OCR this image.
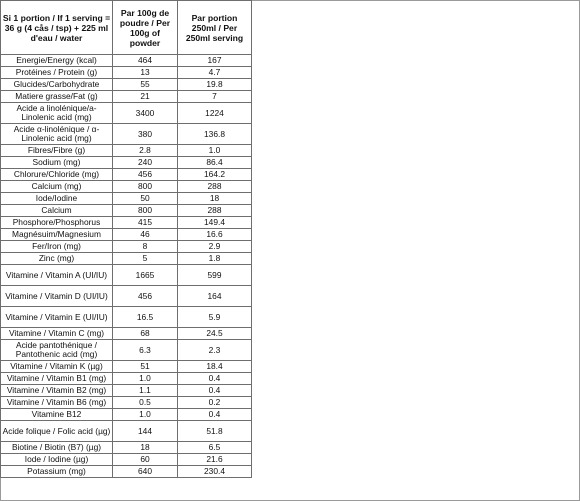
Si 1 portion / If 1 serving = 36 g (4 cås / tsp) + 225 ml d'eau / water	Par 100g de poudre / Per 100g of powder	Par portion 250ml / Per 250ml serving
Energie/Energy (kcal)	464	167
Protéines / Protein (g)	13	4.7
Glucides/Carbohydrate	55	19.8
Matiere grasse/Fat (g)	21	7
Acide a linolénique/a-Linolenic acid (mg)	3400	1224
Acide α-linolénique / α-Linolenic acid (mg)	380	136.8
Fibres/Fibre (g)	2.8	1.0
Sodium (mg)	240	86.4
Chlorure/Chloride (mg)	456	164.2
Calcium (mg)	800	288
Iode/Iodine	50	18
Calcium	800	288
Phosphore/Phosphorus	415	149.4
Magnésuim/Magnesium	46	16.6
Fer/Iron (mg)	8	2.9
Zinc (mg)	5	1.8
Vitamine / Vitamin A (UI/IU)	1665	599
Vitamine / Vitamin D (UI/IU)	456	164
Vitamine / Vitamin E (UI/IU)	16.5	5.9
Vitamine / Vitamin C (mg)	68	24.5
Acide pantothénique / Pantothenic acid (mg)	6.3	2.3
Vitamine / Vitamin K (µg)	51	18.4
Vitamine / Vitamin B1 (mg)	1.0	0.4
Vitamine / Vitamin B2 (mg)	1.1	0.4
Vitamine / Vitamin B6 (mg)	0.5	0.2
Vitamine B12	1.0	0.4
Acide folique / Folic acid (µg)	144	51.8
Biotine / Biotin (B7) (µg)	18	6.5
Iode / Iodine (µg)	60	21.6
Potassium (mg)	640	230.4
